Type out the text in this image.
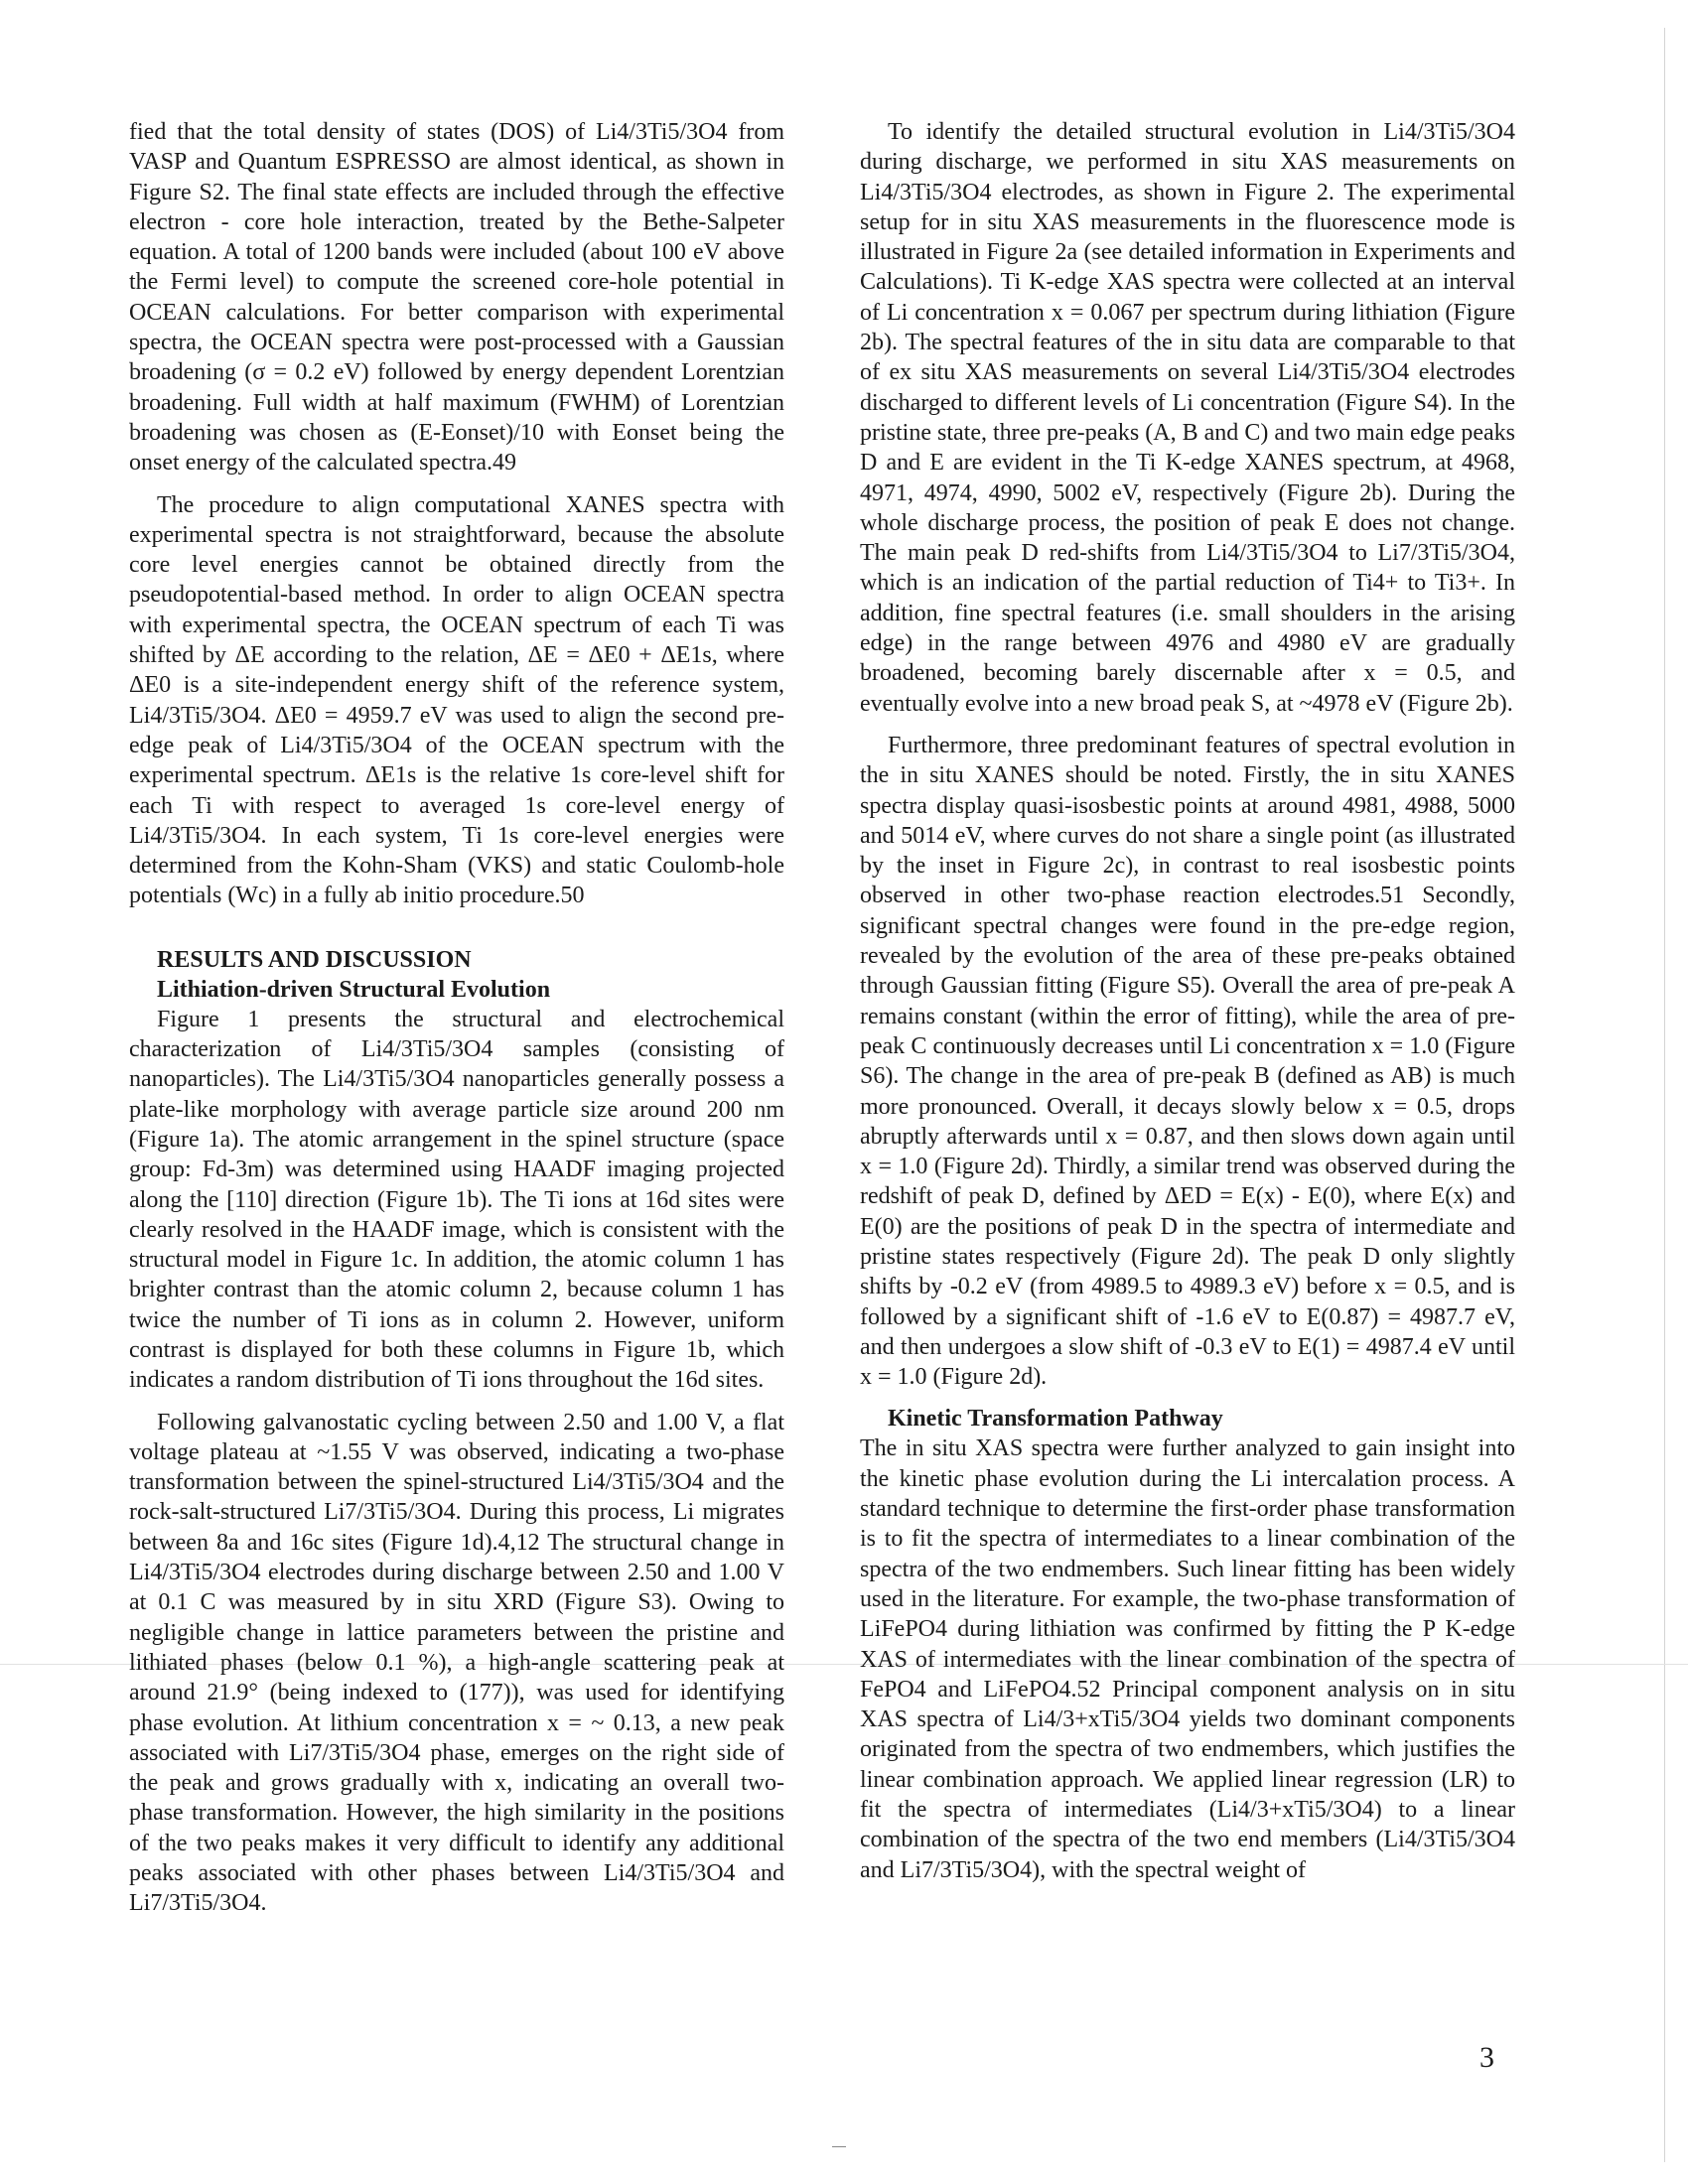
fied that the total density of states (DOS) of Li4/3Ti5/3O4 from VASP and Quantum ESPRESSO are almost identical, as shown in Figure S2. The final state effects are included through the effective electron - core hole interaction, treated by the Bethe-Salpeter equation. A total of 1200 bands were included (about 100 eV above the Fermi level) to compute the screened core-hole potential in OCEAN calculations. For better comparison with experimental spectra, the OCEAN spectra were post-processed with a Gaussian broadening (σ = 0.2 eV) followed by energy dependent Lorentzian broadening. Full width at half maximum (FWHM) of Lorentzian broadening was chosen as (E-Eonset)/10 with Eonset being the onset energy of the calculated spectra.49

The procedure to align computational XANES spectra with experimental spectra is not straightforward, because the absolute core level energies cannot be obtained directly from the pseudopotential-based method. In order to align OCEAN spectra with experimental spectra, the OCEAN spectrum of each Ti was shifted by ΔE according to the relation, ΔE = ΔE0 + ΔE1s, where ΔE0 is a site-independent energy shift of the reference system, Li4/3Ti5/3O4. ΔE0 = 4959.7 eV was used to align the second pre-edge peak of Li4/3Ti5/3O4 of the OCEAN spectrum with the experimental spectrum. ΔE1s is the relative 1s core-level shift for each Ti with respect to averaged 1s core-level energy of Li4/3Ti5/3O4. In each system, Ti 1s core-level energies were determined from the Kohn-Sham (VKS) and static Coulomb-hole potentials (Wc) in a fully ab initio procedure.50

RESULTS AND DISCUSSION
Lithiation-driven Structural Evolution

Figure 1 presents the structural and electrochemical characterization of Li4/3Ti5/3O4 samples (consisting of nanoparticles). The Li4/3Ti5/3O4 nanoparticles generally possess a plate-like morphology with average particle size around 200 nm (Figure 1a). The atomic arrangement in the spinel structure (space group: Fd-3m) was determined using HAADF imaging projected along the [110] direction (Figure 1b). The Ti ions at 16d sites were clearly resolved in the HAADF image, which is consistent with the structural model in Figure 1c. In addition, the atomic column 1 has brighter contrast than the atomic column 2, because column 1 has twice the number of Ti ions as in column 2. However, uniform contrast is displayed for both these columns in Figure 1b, which indicates a random distribution of Ti ions throughout the 16d sites.

Following galvanostatic cycling between 2.50 and 1.00 V, a flat voltage plateau at ~1.55 V was observed, indicating a two-phase transformation between the spinel-structured Li4/3Ti5/3O4 and the rock-salt-structured Li7/3Ti5/3O4. During this process, Li migrates between 8a and 16c sites (Figure 1d).4,12 The structural change in Li4/3Ti5/3O4 electrodes during discharge between 2.50 and 1.00 V at 0.1 C was measured by in situ XRD (Figure S3). Owing to negligible change in lattice parameters between the pristine and lithiated phases (below 0.1 %), a high-angle scattering peak at around 21.9° (being indexed to (177)), was used for identifying phase evolution. At lithium concentration x = ~ 0.13, a new peak associated with Li7/3Ti5/3O4 phase, emerges on the right side of the peak and grows gradually with x, indicating an overall two-phase transformation. However, the high similarity in the positions of the two peaks makes it very difficult to identify any additional peaks associated with other phases between Li4/3Ti5/3O4 and Li7/3Ti5/3O4.

To identify the detailed structural evolution in Li4/3Ti5/3O4 during discharge, we performed in situ XAS measurements on Li4/3Ti5/3O4 electrodes, as shown in Figure 2. The experimental setup for in situ XAS measurements in the fluorescence mode is illustrated in Figure 2a (see detailed information in Experiments and Calculations). Ti K-edge XAS spectra were collected at an interval of Li concentration x = 0.067 per spectrum during lithiation (Figure 2b). The spectral features of the in situ data are comparable to that of ex situ XAS measurements on several Li4/3Ti5/3O4 electrodes discharged to different levels of Li concentration (Figure S4). In the pristine state, three pre-peaks (A, B and C) and two main edge peaks D and E are evident in the Ti K-edge XANES spectrum, at 4968, 4971, 4974, 4990, 5002 eV, respectively (Figure 2b). During the whole discharge process, the position of peak E does not change. The main peak D red-shifts from Li4/3Ti5/3O4 to Li7/3Ti5/3O4, which is an indication of the partial reduction of Ti4+ to Ti3+. In addition, fine spectral features (i.e. small shoulders in the arising edge) in the range between 4976 and 4980 eV are gradually broadened, becoming barely discernable after x = 0.5, and eventually evolve into a new broad peak S, at ~4978 eV (Figure 2b).

Furthermore, three predominant features of spectral evolution in the in situ XANES should be noted. Firstly, the in situ XANES spectra display quasi-isosbestic points at around 4981, 4988, 5000 and 5014 eV, where curves do not share a single point (as illustrated by the inset in Figure 2c), in contrast to real isosbestic points observed in other two-phase reaction electrodes.51 Secondly, significant spectral changes were found in the pre-edge region, revealed by the evolution of the area of these pre-peaks obtained through Gaussian fitting (Figure S5). Overall the area of pre-peak A remains constant (within the error of fitting), while the area of pre-peak C continuously decreases until Li concentration x = 1.0 (Figure S6). The change in the area of pre-peak B (defined as AB) is much more pronounced. Overall, it decays slowly below x = 0.5, drops abruptly afterwards until x = 0.87, and then slows down again until x = 1.0 (Figure 2d). Thirdly, a similar trend was observed during the redshift of peak D, defined by ΔED = E(x) - E(0), where E(x) and E(0) are the positions of peak D in the spectra of intermediate and pristine states respectively (Figure 2d). The peak D only slightly shifts by -0.2 eV (from 4989.5 to 4989.3 eV) before x = 0.5, and is followed by a significant shift of -1.6 eV to E(0.87) = 4987.7 eV, and then undergoes a slow shift of -0.3 eV to E(1) = 4987.4 eV until x = 1.0 (Figure 2d).

Kinetic Transformation Pathway

The in situ XAS spectra were further analyzed to gain insight into the kinetic phase evolution during the Li intercalation process. A standard technique to determine the first-order phase transformation is to fit the spectra of intermediates to a linear combination of the spectra of the two endmembers. Such linear fitting has been widely used in the literature. For example, the two-phase transformation of LiFePO4 during lithiation was confirmed by fitting the P K-edge XAS of intermediates with the linear combination of the spectra of FePO4 and LiFePO4.52 Principal component analysis on in situ XAS spectra of Li4/3+xTi5/3O4 yields two dominant components originated from the spectra of two endmembers, which justifies the linear combination approach. We applied linear regression (LR) to fit the spectra of intermediates (Li4/3+xTi5/3O4) to a linear combination of the spectra of the two end members (Li4/3Ti5/3O4 and Li7/3Ti5/3O4), with the spectral weight of

3
